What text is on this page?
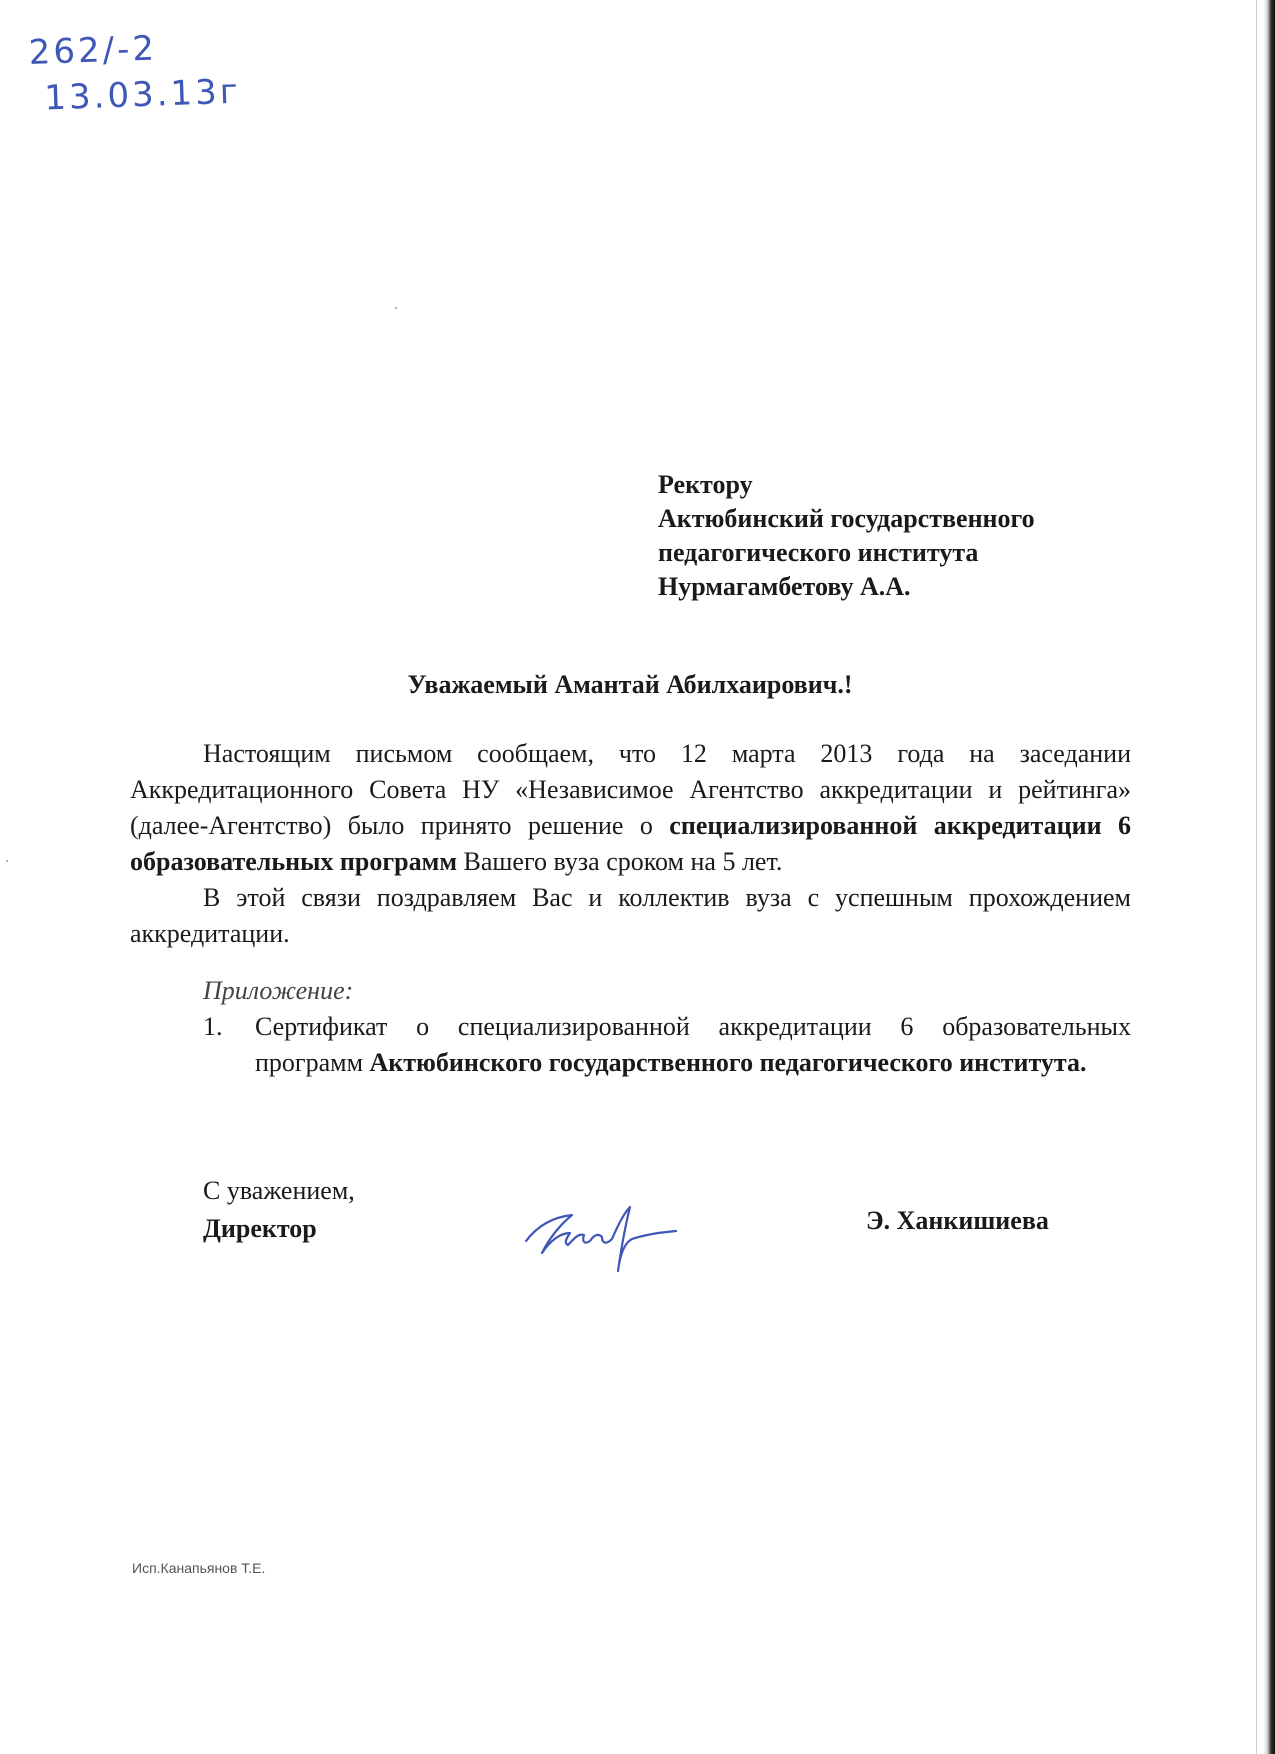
262/-2
13.03.13г
Ректору
Актюбинский государственного
педагогического института
Нурмагамбетову А.А.
Уважаемый Амантай Абилхаирович.!

Настоящим письмом сообщаем, что 12 марта 2013 года на заседании Аккредитационного Совета НУ «Независимое Агентство аккредитации и рейтинга» (далее-Агентство) было принято решение о специализированной аккредитации 6 образовательных программ Вашего вуза сроком на 5 лет.

В этой связи поздравляем Вас и коллектив вуза с успешным прохождением аккредитации.

Приложение:
1.	Сертификат о специализированной аккредитации 6 образовательных программ Актюбинского государственного педагогического института.
С уважением,
Директор	Э. Ханкишиева
Исп.Канапьянов Т.Е.
